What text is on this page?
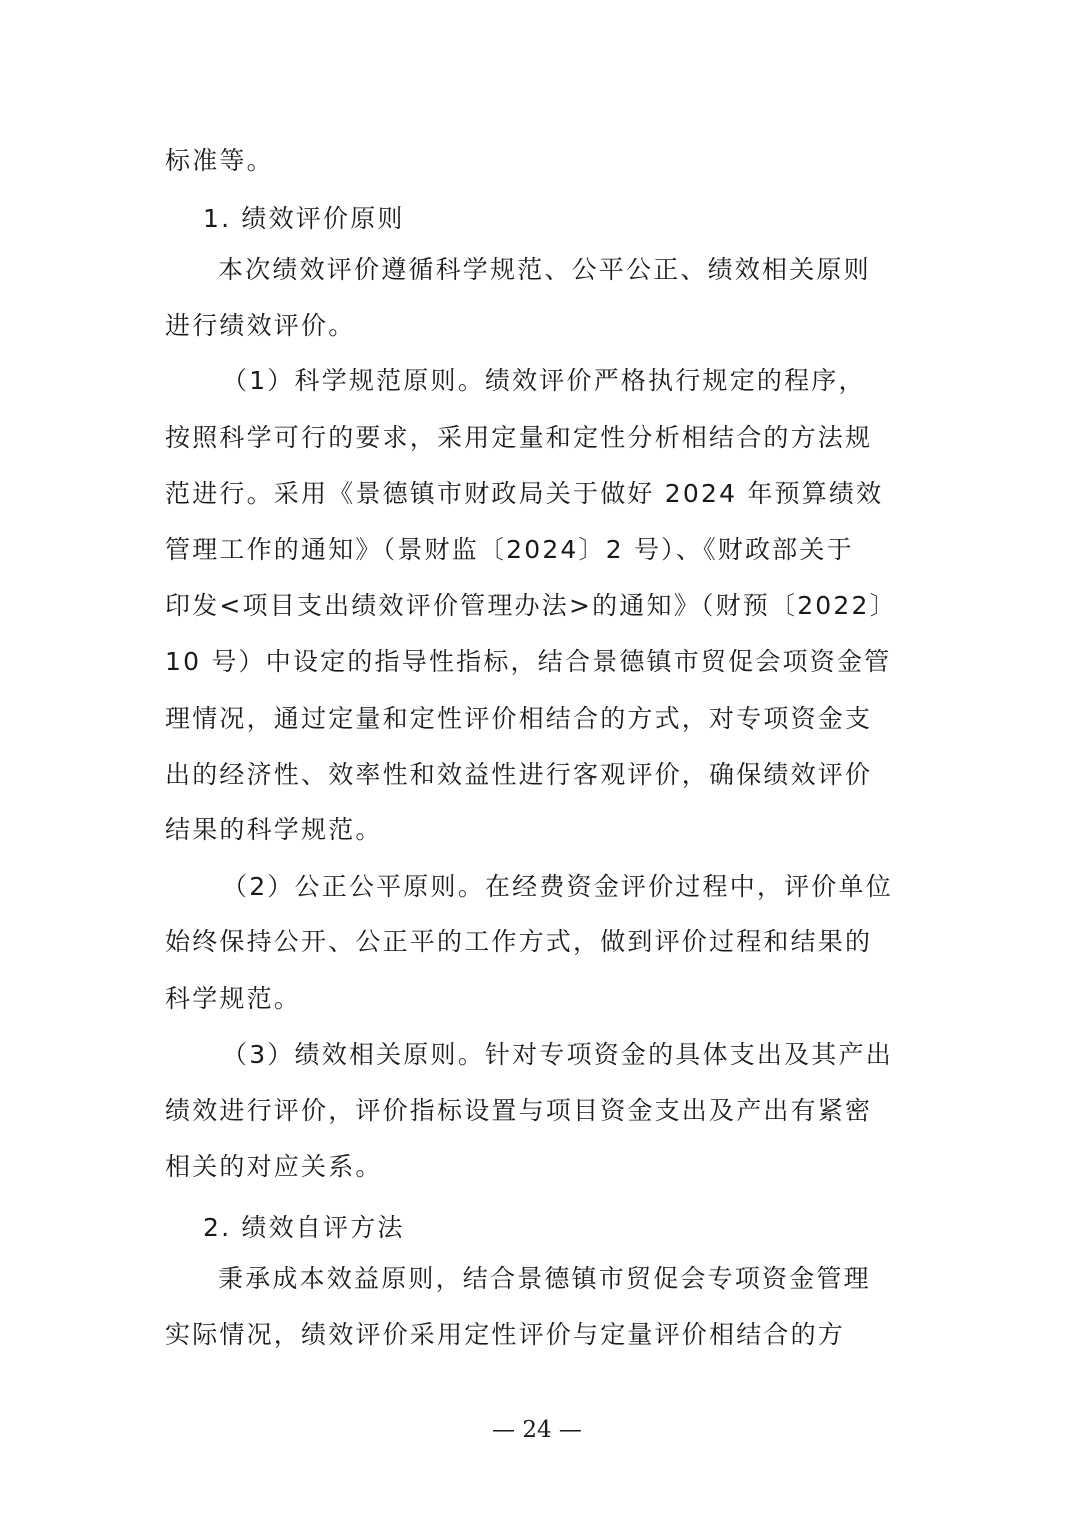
标准等。
1. 绩效评价原则
本次绩效评价遵循科学规范、公平公正、绩效相关原则
进行绩效评价。
（1）科学规范原则。绩效评价严格执行规定的程序，
按照科学可行的要求，采用定量和定性分析相结合的方法规
范进行。采用《景德镇市财政局关于做好 2024 年预算绩效
管理工作的通知》（景财监〔2024〕2 号）、《财政部关于
印发<项目支出绩效评价管理办法>的通知》（财预〔2022〕
10 号）中设定的指导性指标，结合景德镇市贸促会项资金管
理情况，通过定量和定性评价相结合的方式，对专项资金支
出的经济性、效率性和效益性进行客观评价，确保绩效评价
结果的科学规范。
（2）公正公平原则。在经费资金评价过程中，评价单位
始终保持公开、公正平的工作方式，做到评价过程和结果的
科学规范。
（3）绩效相关原则。针对专项资金的具体支出及其产出
绩效进行评价，评价指标设置与项目资金支出及产出有紧密
相关的对应关系。
2. 绩效自评方法
秉承成本效益原则，结合景德镇市贸促会专项资金管理
实际情况，绩效评价采用定性评价与定量评价相结合的方
— 24 —
